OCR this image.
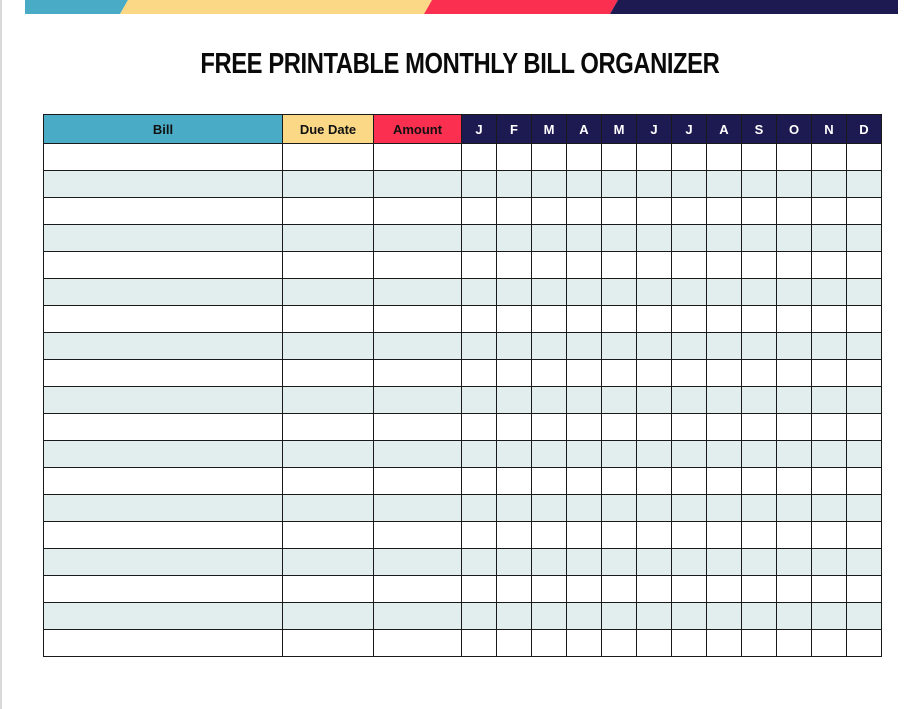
FREE PRINTABLE MONTHLY BILL ORGANIZER
Bill	Due Date	Amount	J	F	M	A	M	J	J	A	S	O	N	D
